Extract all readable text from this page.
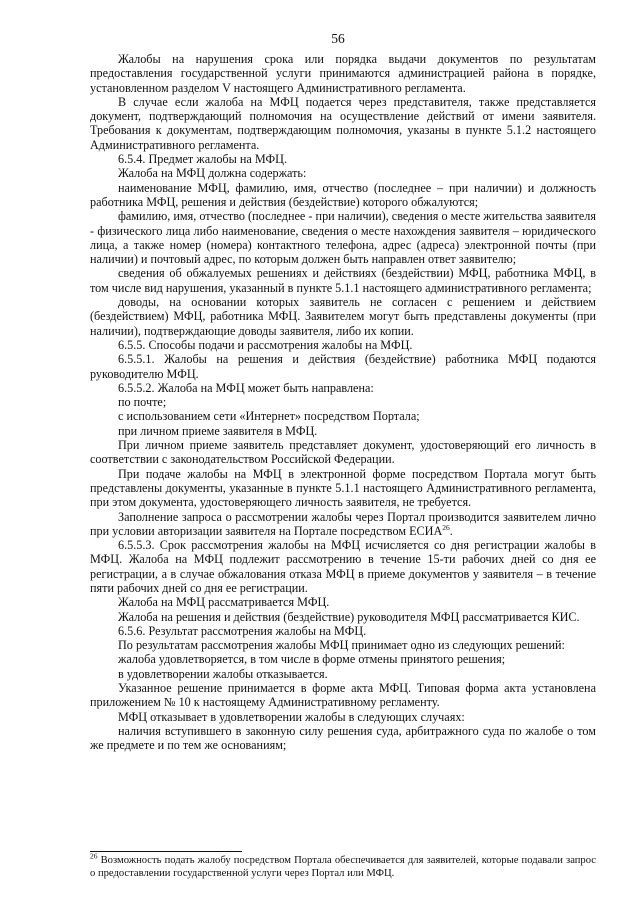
56

Жалобы на нарушения срока или порядка выдачи документов по результатам предоставления государственной услуги принимаются администрацией района в порядке, установленном разделом V настоящего Административного регламента.

В случае если жалоба на МФЦ подается через представителя, также представляется документ, подтверждающий полномочия на осуществление действий от имени заявителя. Требования к документам, подтверждающим полномочия, указаны в пункте 5.1.2 настоящего Административного регламента.

6.5.4. Предмет жалобы на МФЦ.

Жалоба на МФЦ должна содержать:

наименование МФЦ, фамилию, имя, отчество (последнее – при наличии) и должность работника МФЦ, решения и действия (бездействие) которого обжалуются;

фамилию, имя, отчество (последнее - при наличии), сведения о месте жительства заявителя - физического лица либо наименование, сведения о месте нахождения заявителя – юридического лица, а также номер (номера) контактного телефона, адрес (адреса) электронной почты (при наличии) и почтовый адрес, по которым должен быть направлен ответ заявителю;

сведения об обжалуемых решениях и действиях (бездействии) МФЦ, работника МФЦ, в том числе вид нарушения, указанный в пункте 5.1.1 настоящего административного регламента;

доводы, на основании которых заявитель не согласен с решением и действием (бездействием) МФЦ, работника МФЦ. Заявителем могут быть представлены документы (при наличии), подтверждающие доводы заявителя, либо их копии.

6.5.5. Способы подачи и рассмотрения жалобы на МФЦ.

6.5.5.1. Жалобы на решения и действия (бездействие) работника МФЦ подаются руководителю МФЦ.

6.5.5.2. Жалоба на МФЦ может быть направлена:

по почте;

с использованием сети «Интернет» посредством Портала;

при личном приеме заявителя в МФЦ.

При личном приеме заявитель представляет документ, удостоверяющий его личность в соответствии с законодательством Российской Федерации.

При подаче жалобы на МФЦ в электронной форме посредством Портала могут быть представлены документы, указанные в пункте 5.1.1 настоящего Административного регламента, при этом документа, удостоверяющего личность заявителя, не требуется.

Заполнение запроса о рассмотрении жалобы через Портал производится заявителем лично при условии авторизации заявителя на Портале посредством ЕСИА$^{26}$.

6.5.5.3. Срок рассмотрения жалобы на МФЦ исчисляется со дня регистрации жалобы в МФЦ. Жалоба на МФЦ подлежит рассмотрению в течение 15-ти рабочих дней со дня ее регистрации, а в случае обжалования отказа МФЦ в приеме документов у заявителя – в течение пяти рабочих дней со дня ее регистрации.

Жалоба на МФЦ рассматривается МФЦ.

Жалоба на решения и действия (бездействие) руководителя МФЦ рассматривается КИС.

6.5.6. Результат рассмотрения жалобы на МФЦ.

По результатам рассмотрения жалобы МФЦ принимает одно из следующих решений:

жалоба удовлетворяется, в том числе в форме отмены принятого решения;

в удовлетворении жалобы отказывается.

Указанное решение принимается в форме акта МФЦ. Типовая форма акта установлена приложением № 10 к настоящему Административному регламенту.

МФЦ отказывает в удовлетворении жалобы в следующих случаях:

наличия вступившего в законную силу решения суда, арбитражного суда по жалобе о том же предмете и по тем же основаниям;

$^{26}$ Возможность подать жалобу посредством Портала обеспечивается для заявителей, которые подавали запрос о предоставлении государственной услуги через Портал или МФЦ.
